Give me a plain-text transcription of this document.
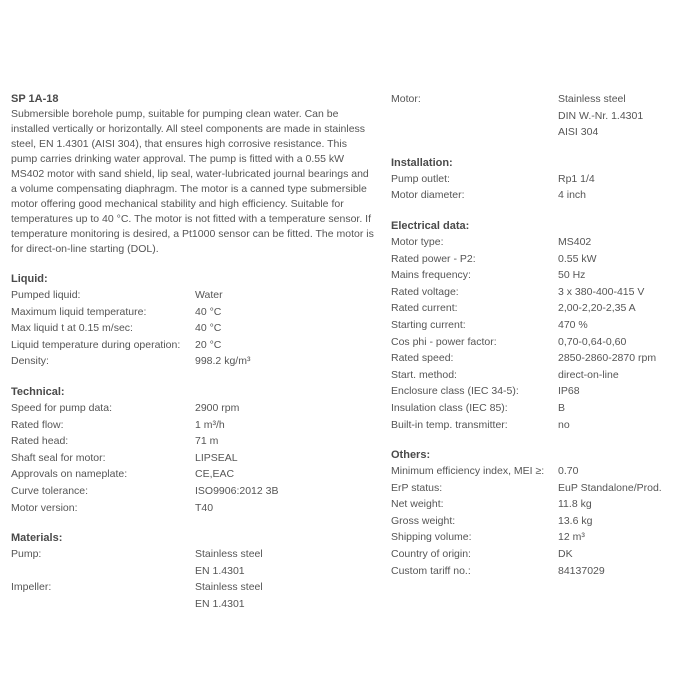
SP 1A-18

Submersible borehole pump, suitable for pumping clean water. Can be installed vertically or horizontally. All steel components are made in stainless steel, EN 1.4301 (AISI 304), that ensures high corrosive resistance. This pump carries drinking water approval. The pump is fitted with a 0.55 kW MS402 motor with sand shield, lip seal, water-lubricated journal bearings and a volume compensating diaphragm. The motor is a canned type submersible motor offering good mechanical stability and high efficiency. Suitable for temperatures up to 40 °C. The motor is not fitted with a temperature sensor. If temperature monitoring is desired, a Pt1000 sensor can be fitted. The motor is for direct-on-line starting (DOL).

Liquid:
Pumped liquid:	Water
Maximum liquid temperature:	40 °C
Max liquid t at 0.15 m/sec:	40 °C
Liquid temperature during operation:	20 °C
Density:	998.2 kg/m³
Technical:
Speed for pump data:	2900 rpm
Rated flow:	1 m³/h
Rated head:	71 m
Shaft seal for motor:	LIPSEAL
Approvals on nameplate:	CE,EAC
Curve tolerance:	ISO9906:2012 3B
Motor version:	T40
Materials:
Pump:	Stainless steel
EN 1.4301
Impeller:	Stainless steel
EN 1.4301
Motor:	Stainless steel
DIN W.-Nr. 1.4301
AISI 304
Installation:
Pump outlet:	Rp1 1/4
Motor diameter:	4 inch
Electrical data:
Motor type:	MS402
Rated power - P2:	0.55 kW
Mains frequency:	50 Hz
Rated voltage:	3 x 380-400-415 V
Rated current:	2,00-2,20-2,35 A
Starting current:	470 %
Cos phi - power factor:	0,70-0,64-0,60
Rated speed:	2850-2860-2870 rpm
Start. method:	direct-on-line
Enclosure class (IEC 34-5):	IP68
Insulation class (IEC 85):	B
Built-in temp. transmitter:	no
Others:
Minimum efficiency index, MEI ≥:	0.70
ErP status:	EuP Standalone/Prod.
Net weight:	11.8 kg
Gross weight:	13.6 kg
Shipping volume:	12 m³
Country of origin:	DK
Custom tariff no.:	84137029
